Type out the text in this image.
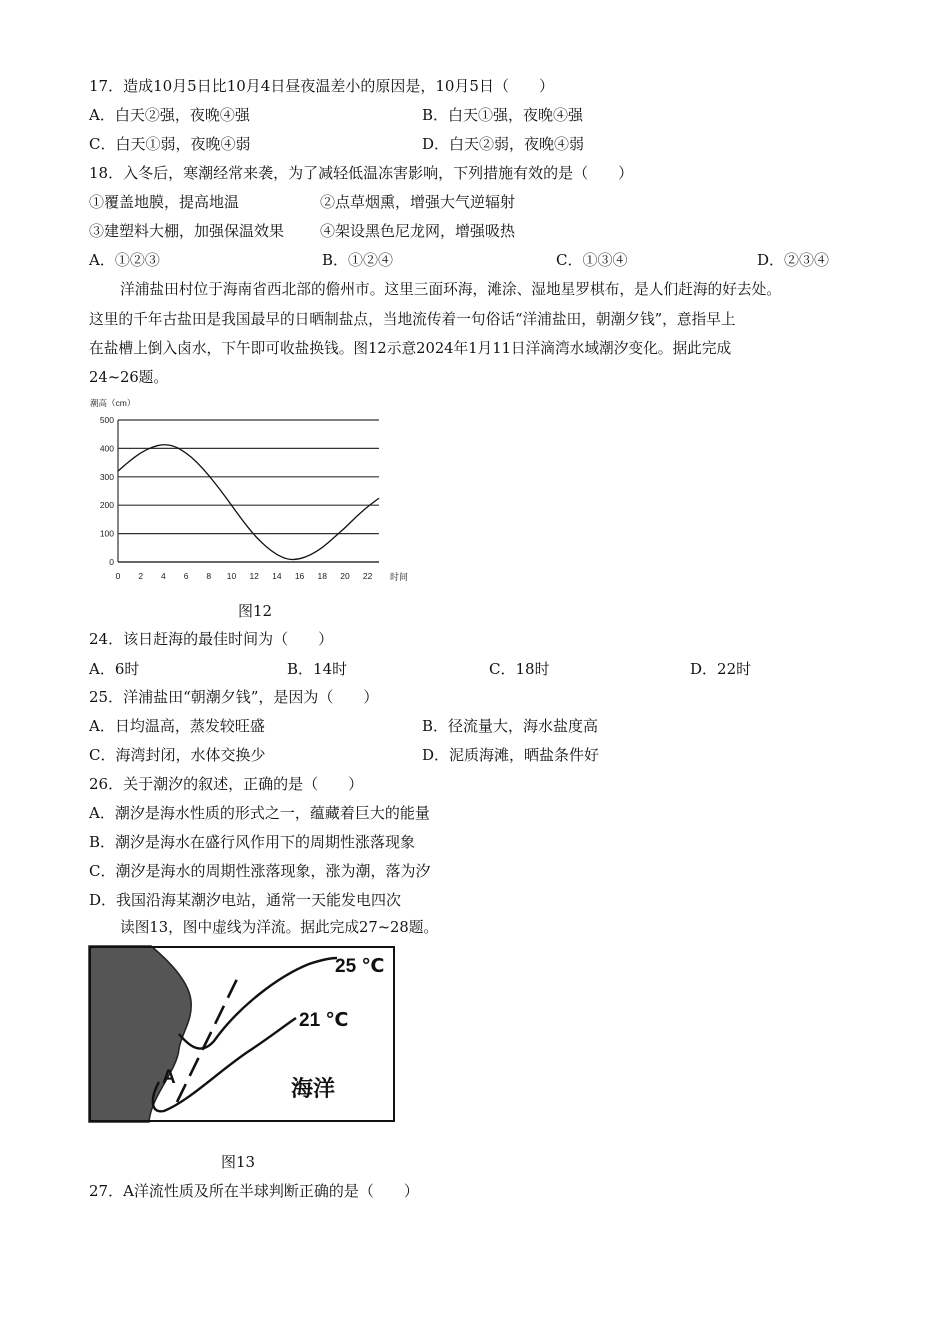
17．造成10月5日比10月4日昼夜温差小的原因是，10月5日（　　）
A．白天②强，夜晚④强	B．白天①强，夜晚④强
C．白天①弱，夜晚④弱	D．白天②弱，夜晚④弱
18．入冬后，寒潮经常来袭，为了减轻低温冻害影响，下列措施有效的是（　　）
①覆盖地膜，提高地温	②点草烟熏，增强大气逆辐射
③建塑料大棚，加强保温效果 ④架设黑色尼龙网，增强吸热
A．①②③	B．①②④	C．①③④	D．②③④
洋浦盐田村位于海南省西北部的儋州市。这里三面环海，滩涂、湿地星罗棋布，是人们赶海的好去处。
这里的千年古盐田是我国最早的日晒制盐点，当地流传着一句俗话“洋浦盐田，朝潮夕钱”，意指早上
在盐槽上倒入卤水，下午即可收盐换钱。图12示意2024年1月11日洋滴湾水域潮汐变化。据此完成
24~26题。
潮高（cm）
0
100
200
300
400
500
0 2 4 6 8 10 12 14 16 18 20 22 时间
图12
24．该日赶海的最佳时间为（　　）
A．6时	B．14时	C．18时	D．22时
25．洋浦盐田“朝潮夕钱”，是因为（　　）
A．日均温高，蒸发较旺盛	B．径流量大，海水盐度高
C．海湾封闭，水体交换少	D．泥质海滩，晒盐条件好
26．关于潮汐的叙述，正确的是（　　）
A．潮汐是海水性质的形式之一，蕴藏着巨大的能量
B．潮汐是海水在盛行风作用下的周期性涨落现象
C．潮汐是海水的周期性涨落现象，涨为潮，落为汐
D．我国沿海某潮汐电站，通常一天能发电四次
读图13，图中虚线为洋流。据此完成27~28题。
25 ℃
21 ℃
A	海洋
图13
27．A洋流性质及所在半球判断正确的是（　　）
